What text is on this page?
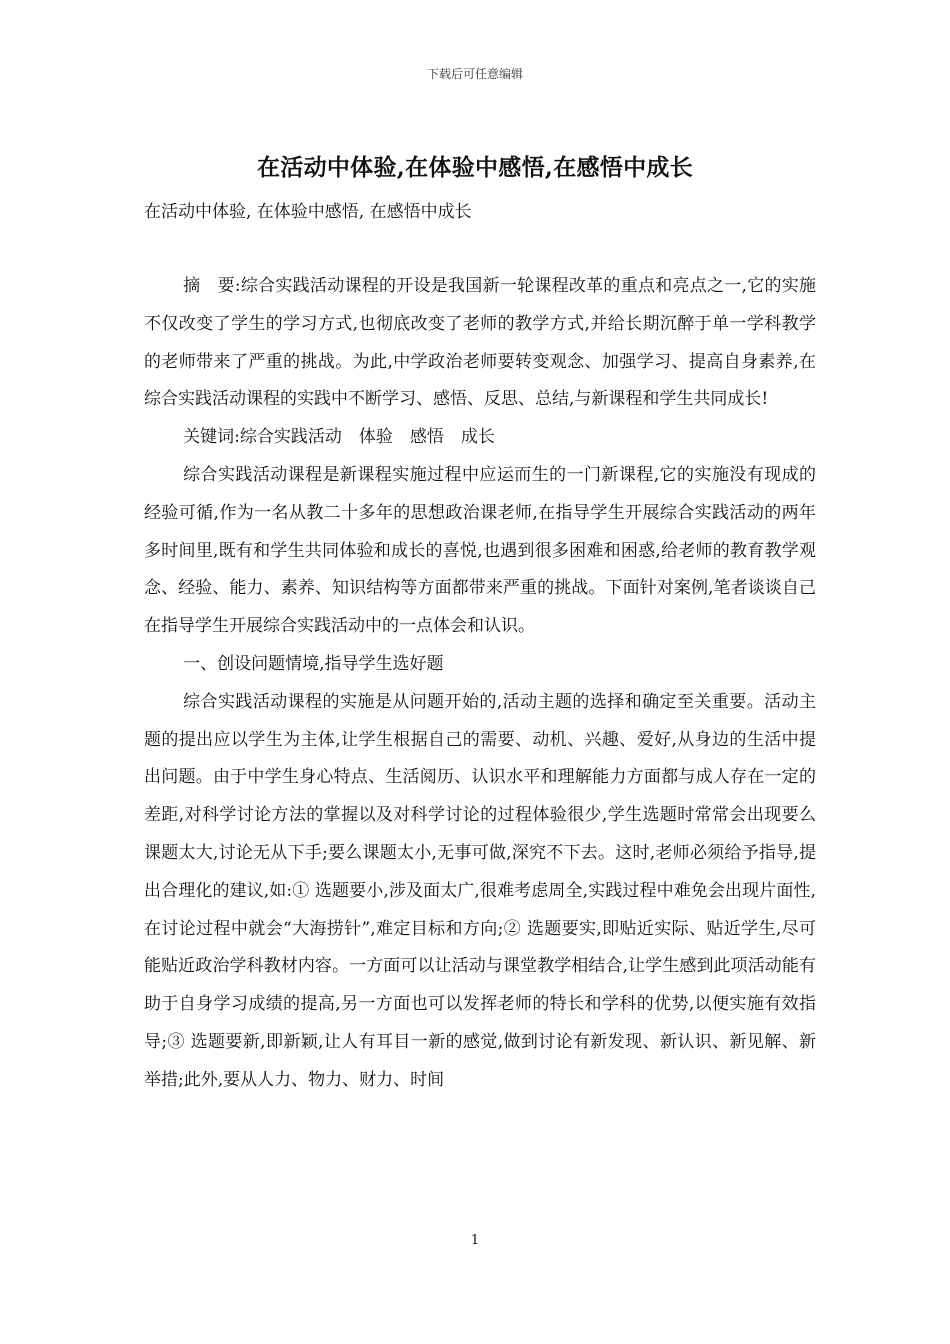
下载后可任意编辑
在活动中体验,在体验中感悟,在感悟中成长
在活动中体验, 在体验中感悟, 在感悟中成长

摘　要:综合实践活动课程的开设是我国新一轮课程改革的重点和亮点之一,它的实施不仅改变了学生的学习方式,也彻底改变了老师的教学方式,并给长期沉醉于单一学科教学的老师带来了严重的挑战。为此,中学政治老师要转变观念、加强学习、提高自身素养,在综合实践活动课程的实践中不断学习、感悟、反思、总结,与新课程和学生共同成长!

关键词:综合实践活动　体验　感悟　成长

综合实践活动课程是新课程实施过程中应运而生的一门新课程,它的实施没有现成的经验可循,作为一名从教二十多年的思想政治课老师,在指导学生开展综合实践活动的两年多时间里,既有和学生共同体验和成长的喜悦,也遇到很多困难和困惑,给老师的教育教学观念、经验、能力、素养、知识结构等方面都带来严重的挑战。下面针对案例,笔者谈谈自己在指导学生开展综合实践活动中的一点体会和认识。

一、创设问题情境,指导学生选好题

综合实践活动课程的实施是从问题开始的,活动主题的选择和确定至关重要。活动主题的提出应以学生为主体,让学生根据自己的需要、动机、兴趣、爱好,从身边的生活中提出问题。由于中学生身心特点、生活阅历、认识水平和理解能力方面都与成人存在一定的差距,对科学讨论方法的掌握以及对科学讨论的过程体验很少,学生选题时常常会出现要么课题太大,讨论无从下手;要么课题太小,无事可做,深究不下去。这时,老师必须给予指导,提出合理化的建议,如:① 选题要小,涉及面太广,很难考虑周全,实践过程中难免会出现片面性,在讨论过程中就会“大海捞针”,难定目标和方向;② 选题要实,即贴近实际、贴近学生,尽可能贴近政治学科教材内容。一方面可以让活动与课堂教学相结合,让学生感到此项活动能有助于自身学习成绩的提高,另一方面也可以发挥老师的特长和学科的优势,以便实施有效指导;③ 选题要新,即新颖,让人有耳目一新的感觉,做到讨论有新发现、新认识、新见解、新举措;此外,要从人力、物力、财力、时间

1
